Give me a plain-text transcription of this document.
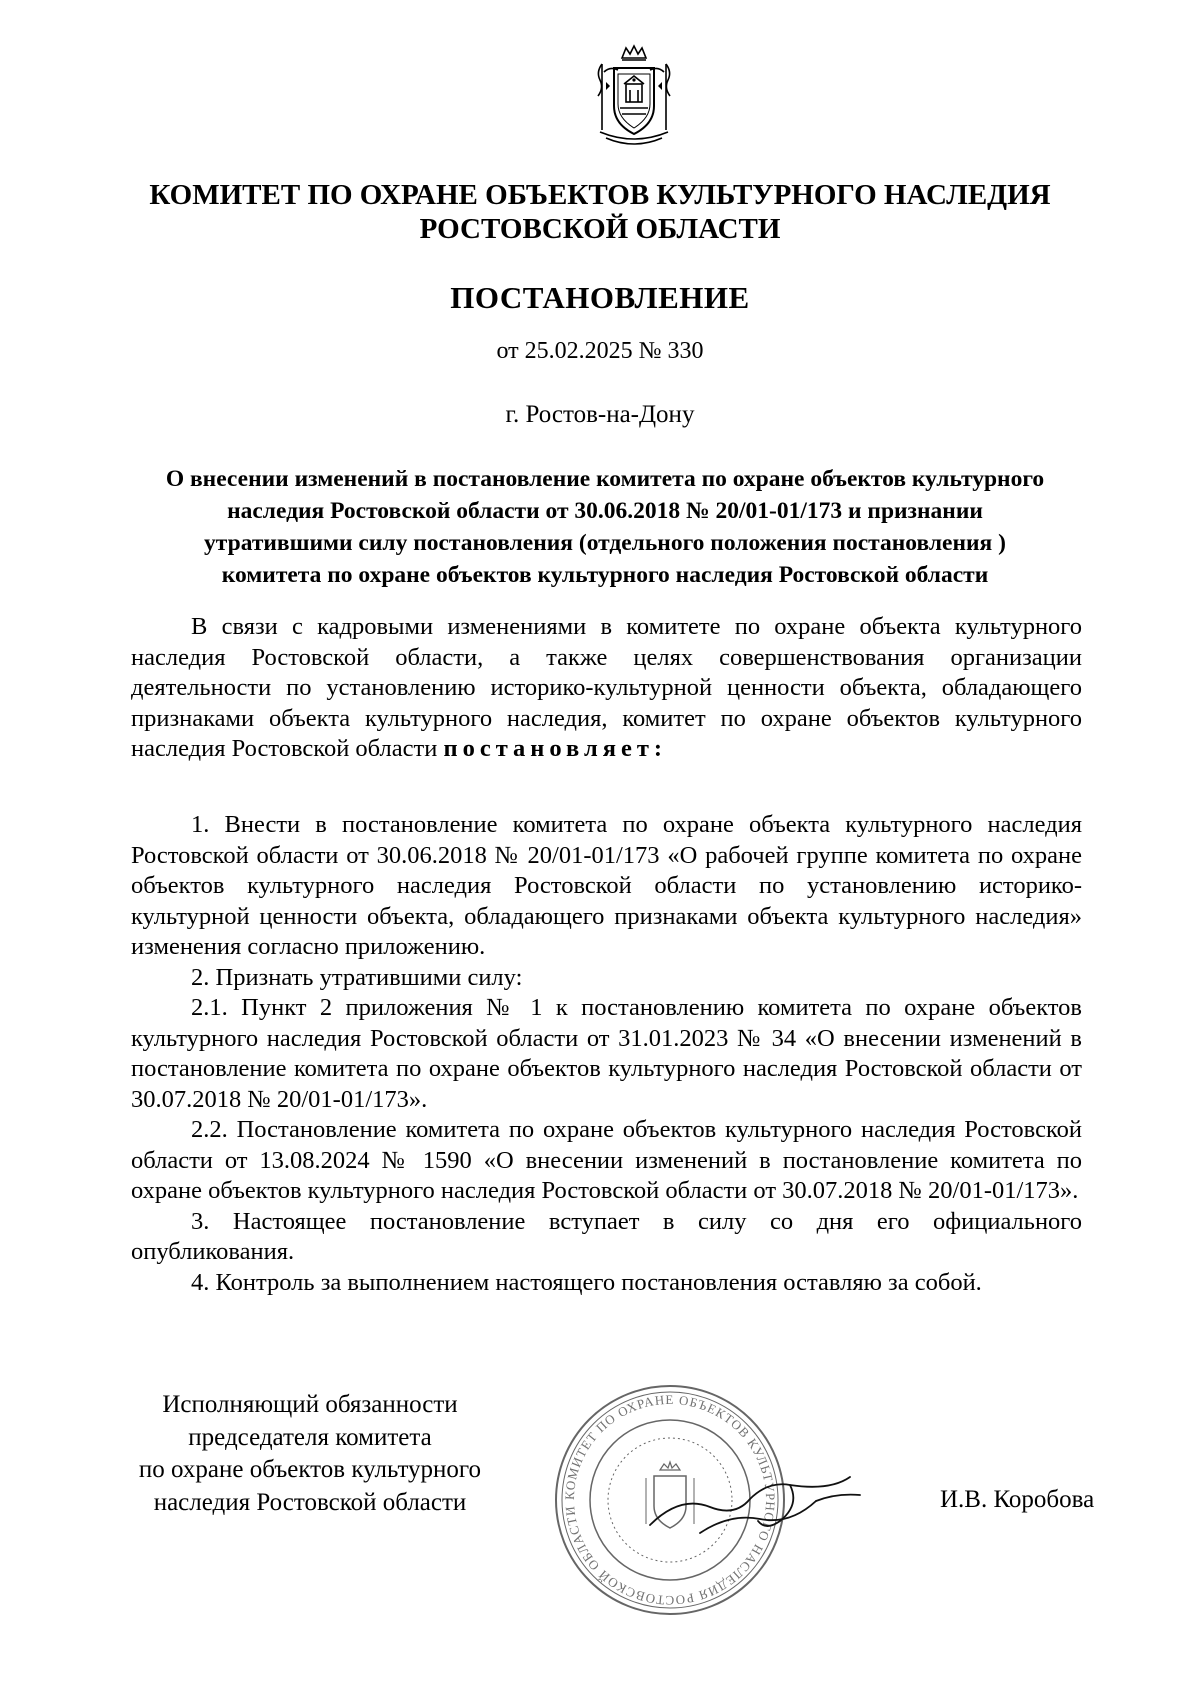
КОМИТЕТ ПО ОХРАНЕ ОБЪЕКТОВ КУЛЬТУРНОГО НАСЛЕДИЯ
РОСТОВСКОЙ ОБЛАСТИ
ПОСТАНОВЛЕНИЕ
от 25.02.2025 № 330
г. Ростов-на-Дону
О внесении изменений в постановление комитета по охране объектов культурного
наследия Ростовской области от 30.06.2018 № 20/01-01/173 и признании
утратившими силу постановления (отдельного положения постановления )
комитета по охране объектов культурного наследия Ростовской области

В связи с кадровыми изменениями в комитете по охране объекта культурного наследия Ростовской области, а также целях совершенствования организации деятельности по установлению историко-культурной ценности объекта, обладающего признаками объекта культурного наследия, комитет по охране объектов культурного наследия Ростовской области постановляет:

1. Внести в постановление комитета по охране объекта культурного наследия Ростовской области от 30.06.2018 № 20/01-01/173 «О рабочей группе комитета по охране объектов культурного наследия Ростовской области по установлению историко-культурной ценности объекта, обладающего признаками объекта культурного наследия» изменения согласно приложению.

2. Признать утратившими силу:

2.1. Пункт 2 приложения № 1 к постановлению комитета по охране объектов культурного наследия Ростовской области от 31.01.2023 № 34 «О внесении изменений в постановление комитета по охране объектов культурного наследия Ростовской области от 30.07.2018 № 20/01-01/173».

2.2. Постановление комитета по охране объектов культурного наследия Ростовской области от 13.08.2024 № 1590 «О внесении изменений в постановление комитета по охране объектов культурного наследия Ростовской области от 30.07.2018 № 20/01-01/173».

3. Настоящее постановление вступает в силу со дня его официального опубликования.

4. Контроль за выполнением настоящего постановления оставляю за собой.

Исполняющий обязанности
председателя комитета
по охране объектов культурного
наследия Ростовской области	КОМИТЕТ ПО ОХРАНЕ ОБЪЕКТОВ КУЛЬТУРНОГО НАСЛЕДИЯ РОСТОВСКОЙ ОБЛАСТИ	И.В. Коробова
